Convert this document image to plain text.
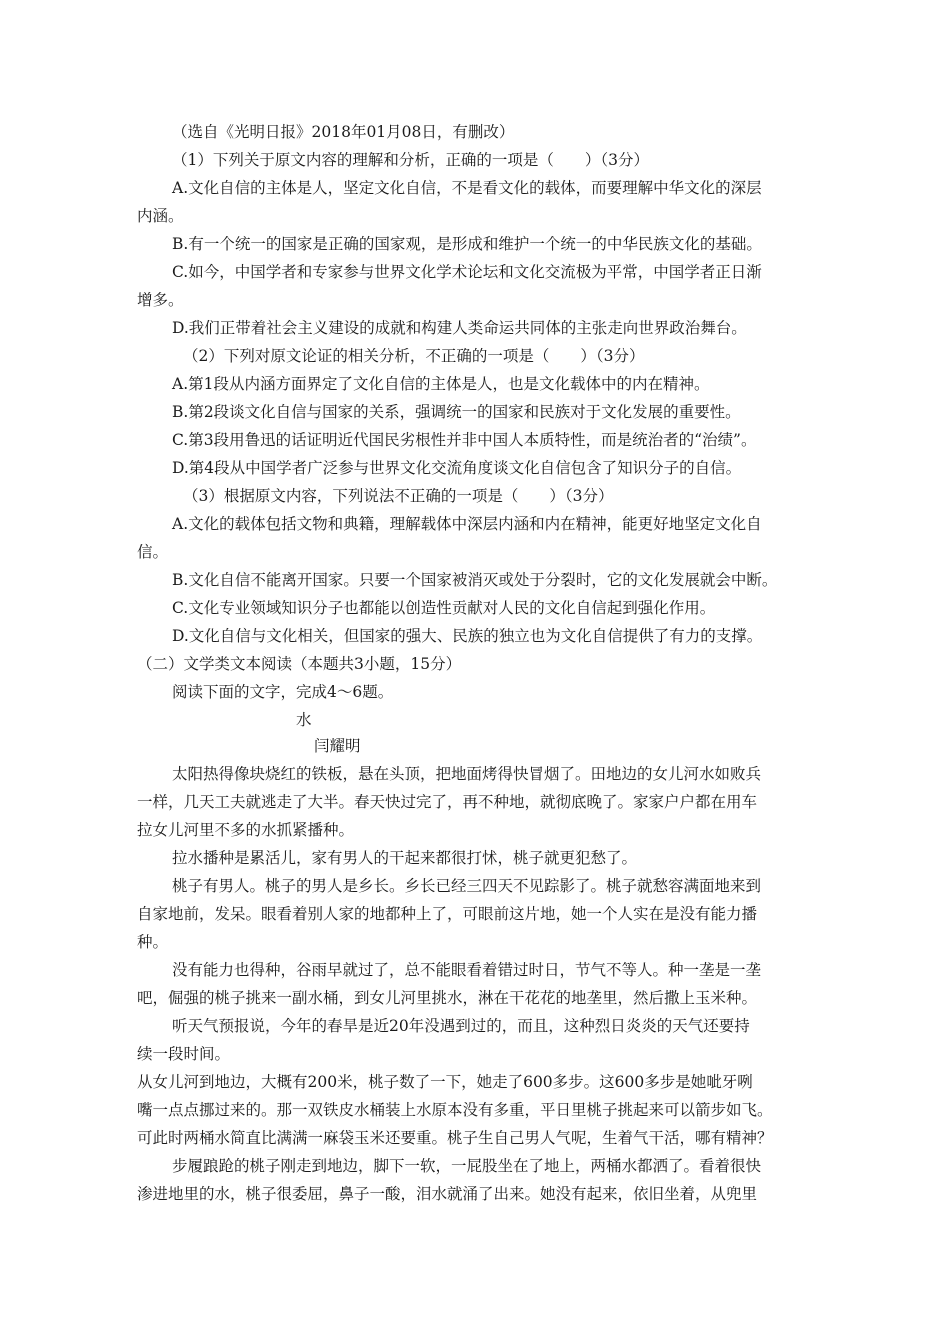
（选自《光明日报》2018年01月08日，有删改）
（1）下列关于原文内容的理解和分析，正确的一项是（　　）（3分）
A.文化自信的主体是人，坚定文化自信，不是看文化的载体，而要理解中华文化的深层
内涵。
B.有一个统一的国家是正确的国家观，是形成和维护一个统一的中华民族文化的基础。
C.如今，中国学者和专家参与世界文化学术论坛和文化交流极为平常，中国学者正日渐
增多。
D.我们正带着社会主义建设的成就和构建人类命运共同体的主张走向世界政治舞台。
（2）下列对原文论证的相关分析，不正确的一项是（　　）（3分）
A.第1段从内涵方面界定了文化自信的主体是人，也是文化载体中的内在精神。
B.第2段谈文化自信与国家的关系，强调统一的国家和民族对于文化发展的重要性。
C.第3段用鲁迅的话证明近代国民劣根性并非中国人本质特性，而是统治者的“治绩”。
D.第4段从中国学者广泛参与世界文化交流角度谈文化自信包含了知识分子的自信。
（3）根据原文内容，下列说法不正确的一项是（　　）（3分）
A.文化的载体包括文物和典籍，理解载体中深层内涵和内在精神，能更好地坚定文化自
信。
B.文化自信不能离开国家。只要一个国家被消灭或处于分裂时，它的文化发展就会中断。
C.文化专业领域知识分子也都能以创造性贡献对人民的文化自信起到强化作用。
D.文化自信与文化相关，但国家的强大、民族的独立也为文化自信提供了有力的支撑。
（二）文学类文本阅读（本题共3小题，15分）
阅读下面的文字，完成4～6题。
水
闫耀明
太阳热得像块烧红的铁板，悬在头顶，把地面烤得快冒烟了。田地边的女儿河水如败兵
一样，几天工夫就逃走了大半。春天快过完了，再不种地，就彻底晚了。家家户户都在用车
拉女儿河里不多的水抓紧播种。
拉水播种是累活儿，家有男人的干起来都很打怵，桃子就更犯愁了。
桃子有男人。桃子的男人是乡长。乡长已经三四天不见踪影了。桃子就愁容满面地来到
自家地前，发呆。眼看着别人家的地都种上了，可眼前这片地，她一个人实在是没有能力播
种。
没有能力也得种，谷雨早就过了，总不能眼看着错过时日，节气不等人。种一垄是一垄
吧，倔强的桃子挑来一副水桶，到女儿河里挑水，淋在干花花的地垄里，然后撒上玉米种。
听天气预报说，今年的春旱是近20年没遇到过的，而且，这种烈日炎炎的天气还要持
续一段时间。
从女儿河到地边，大概有200米，桃子数了一下，她走了600多步。这600多步是她呲牙咧
嘴一点点挪过来的。那一双铁皮水桶装上水原本没有多重，平日里桃子挑起来可以箭步如飞。
可此时两桶水简直比满满一麻袋玉米还要重。桃子生自己男人气呢，生着气干活，哪有精神？
步履踉跄的桃子刚走到地边，脚下一软，一屁股坐在了地上，两桶水都洒了。看着很快
渗进地里的水，桃子很委屈，鼻子一酸，泪水就涌了出来。她没有起来，依旧坐着，从兜里
